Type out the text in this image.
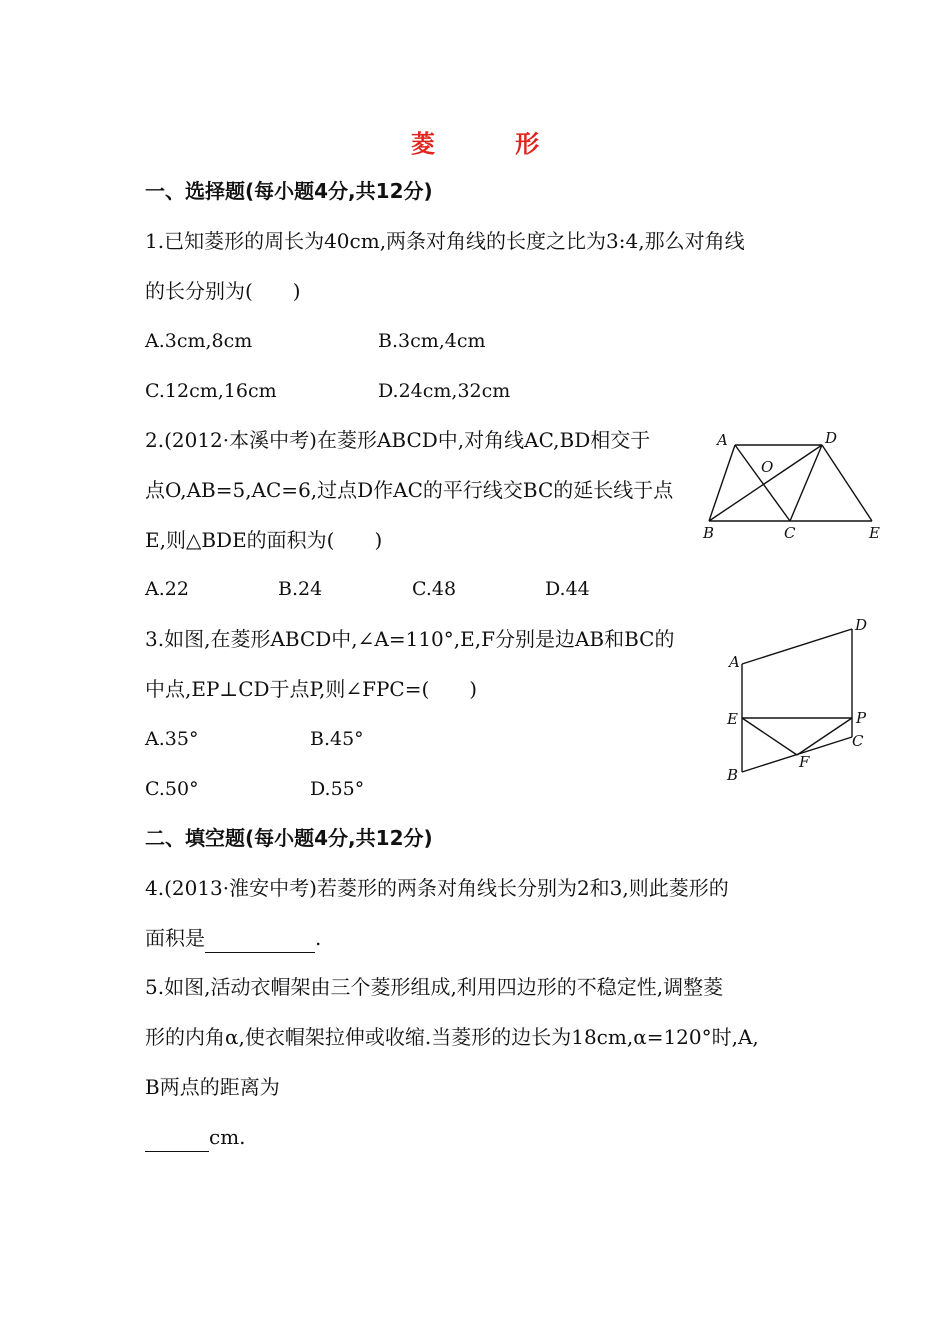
菱 形
一、选择题(每小题4分,共12分)
1.已知菱形的周长为40cm,两条对角线的长度之比为3:4,那么对角线
的长分别为(　　)
A.3cm,8cm	B.3cm,4cm
C.12cm,16cm	D.24cm,32cm
2.(2012·本溪中考)在菱形ABCD中,对角线AC,BD相交于
点O,AB=5,AC=6,过点D作AC的平行线交BC的延长线于点
E,则△BDE的面积为(　　)
A.22	B.24	C.48	D.44
A	D
O
B	C	E
3.如图,在菱形ABCD中,∠A=110°,E,F分别是边AB和BC的
中点,EP⊥CD于点P,则∠FPC=(　　)
A.35°	B.45°
C.50°	D.55°
A
D
E	P
C
F
B
二、填空题(每小题4分,共12分)
4.(2013·淮安中考)若菱形的两条对角线长分别为2和3,则此菱形的
面积是	.
5.如图,活动衣帽架由三个菱形组成,利用四边形的不稳定性,调整菱
形的内角α,使衣帽架拉伸或收缩.当菱形的边长为18cm,α=120°时,A,
B两点的距离为
cm.
